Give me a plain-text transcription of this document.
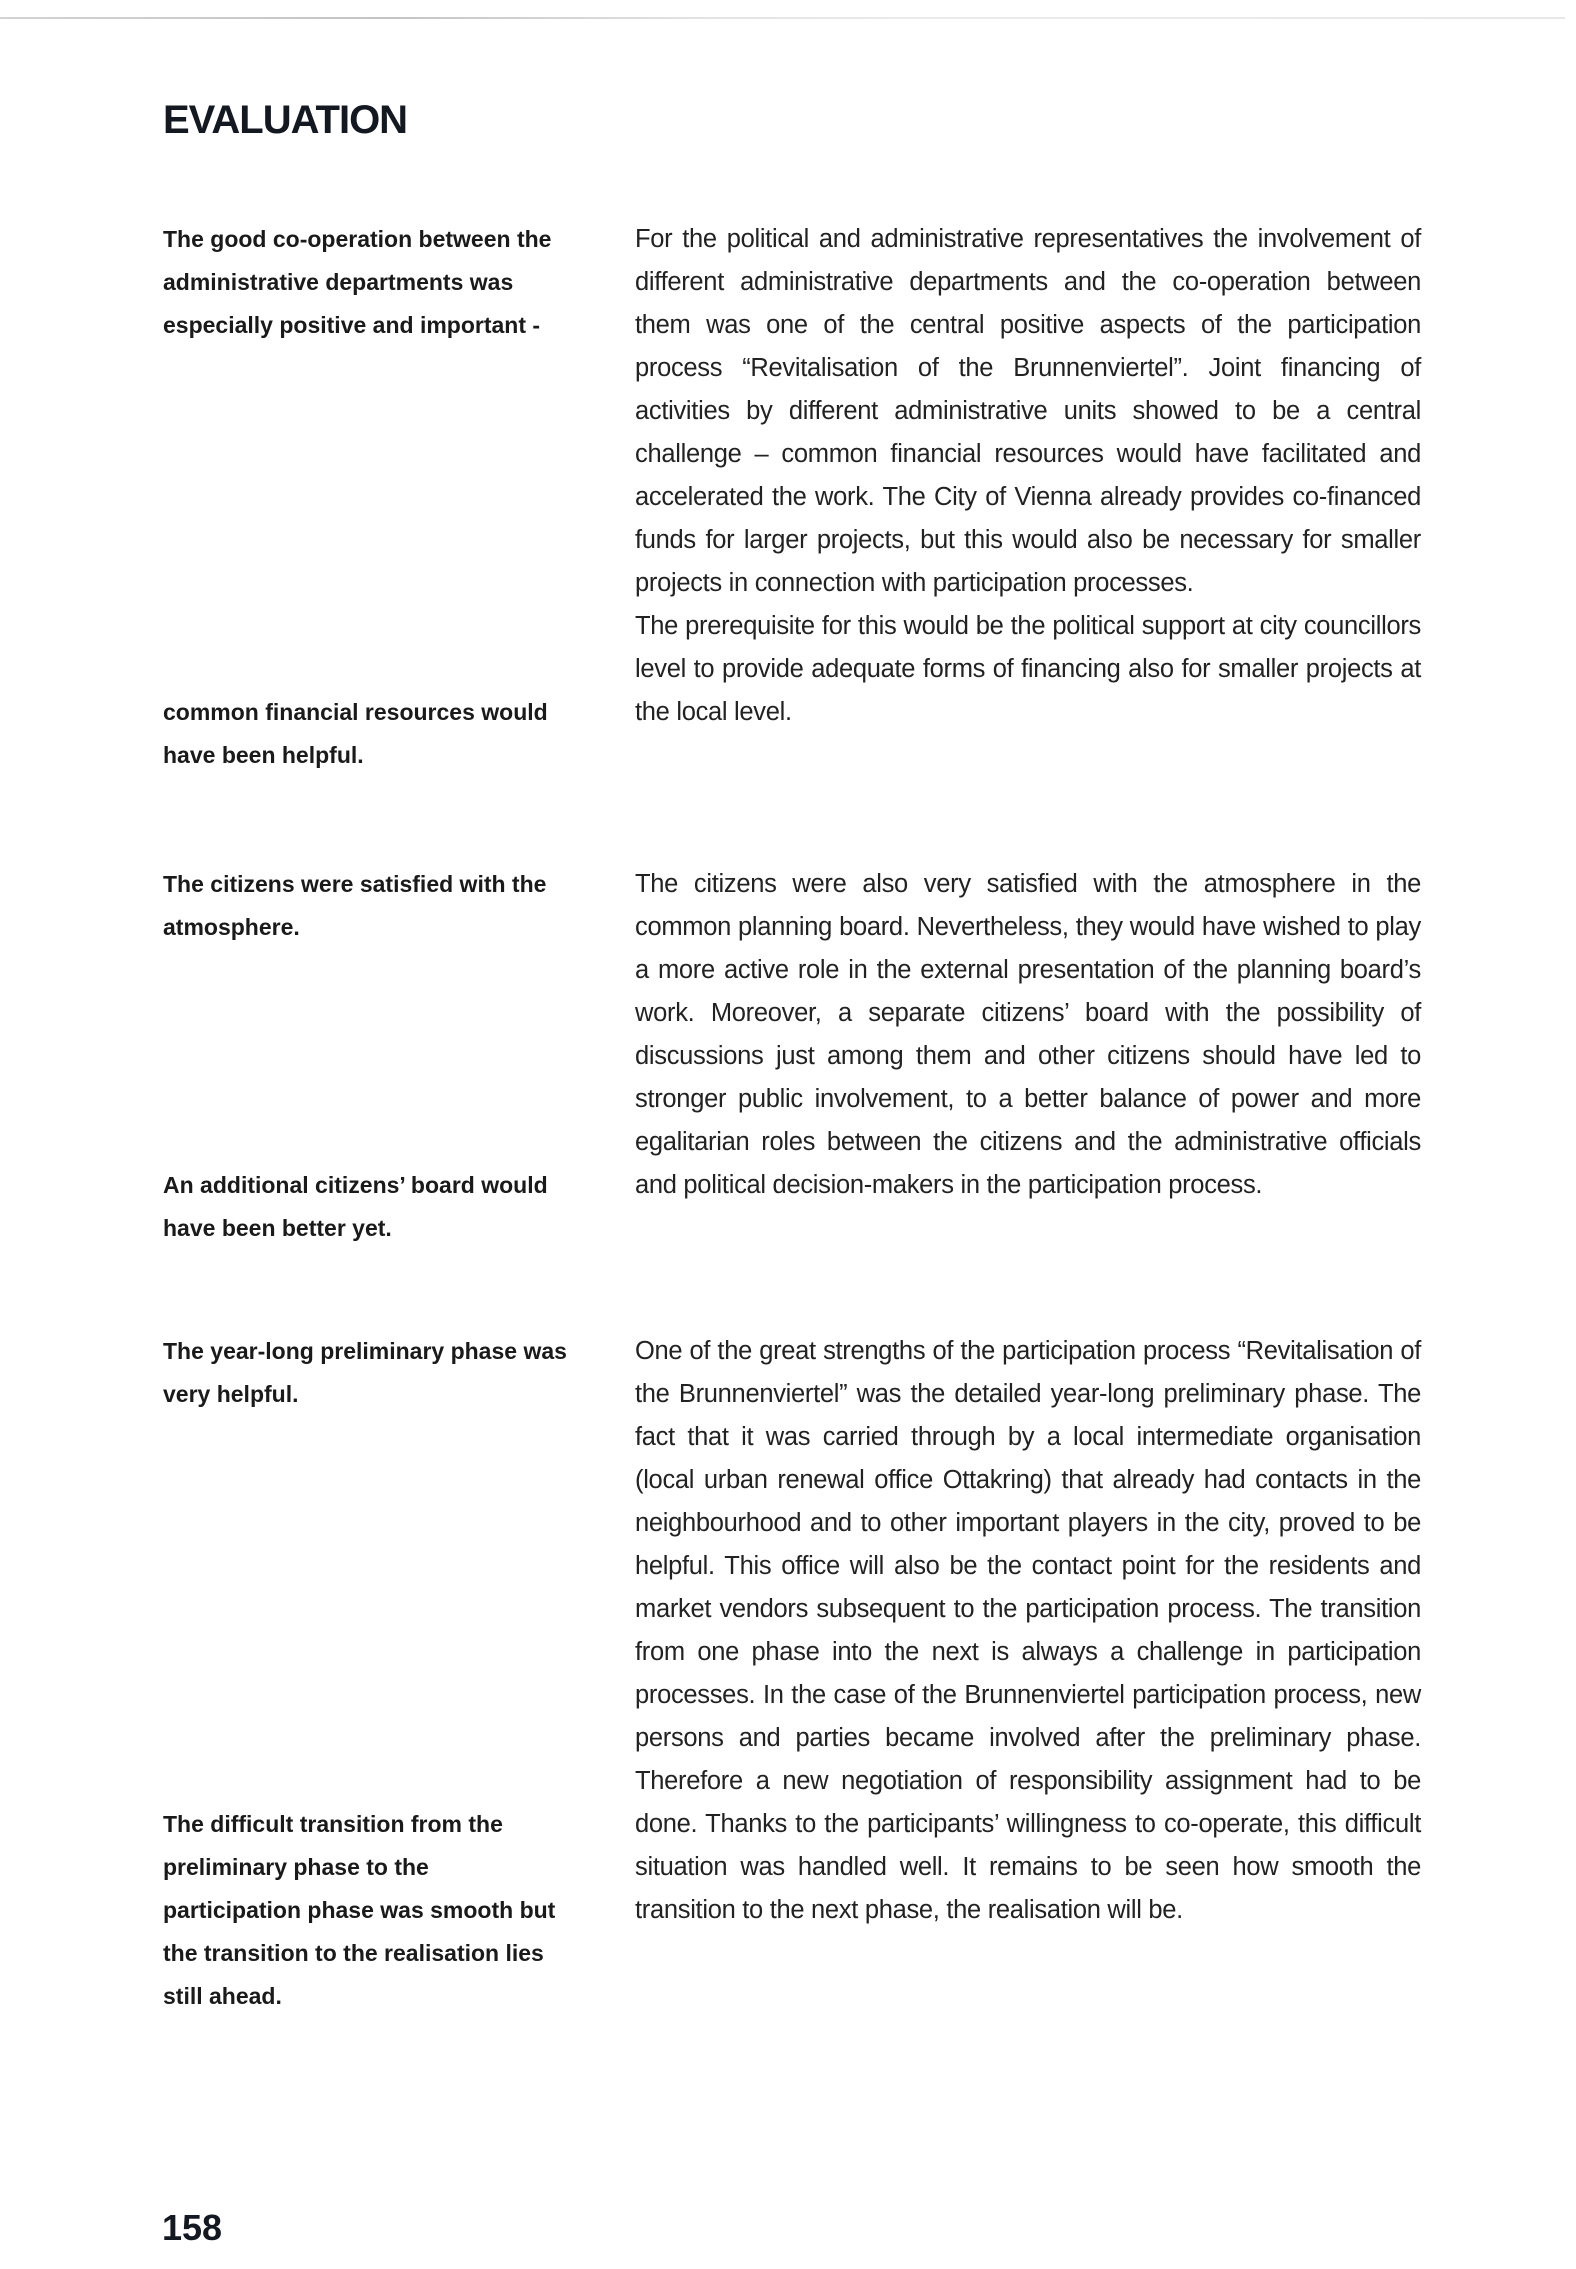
EVALUATION

The good co-operation between the administrative departments was especially positive and important -

common financial resources would have been helpful.

For the political and administrative representatives the involvement of different administrative departments and the co-operation between them was one of the central positive aspects of the participation process “Revitalisation of the Brunnenviertel”. Joint financing of activities by different administrative units showed to be a central challenge – common financial resources would have facilitated and accelerated the work. The City of Vienna already provides co-financed funds for larger projects, but this would also be necessary for smaller projects in connection with participation processes.

The prerequisite for this would be the political support at city councillors level to provide adequate forms of financing also for smaller projects at the local level.

The citizens were satisfied with the atmosphere.

An additional citizens’ board would have been better yet.

The citizens were also very satisfied with the atmosphere in the common planning board. Nevertheless, they would have wished to play a more active role in the external presentation of the planning board’s work. Moreover, a separate citizens’ board with the possibility of discussions just among them and other citizens should have led to stronger public involvement, to a better balance of power and more egalitarian roles between the citizens and the administrative officials and political decision-makers in the participation process.

The year-long preliminary phase was very helpful.

The difficult transition from the preliminary phase to the participation phase was smooth but the transition to the realisation lies still ahead.

One of the great strengths of the participation process “Revitalisation of the Brunnenviertel” was the detailed year-long preliminary phase. The fact that it was carried through by a local intermediate organisation (local urban renewal office Ottakring) that already had contacts in the neighbourhood and to other important players in the city, proved to be helpful. This office will also be the contact point for the residents and market vendors subsequent to the participation process. The transition from one phase into the next is always a challenge in participation processes. In the case of the Brunnenviertel participation process, new persons and parties became involved after the preliminary phase. Therefore a new negotiation of responsibility assignment had to be done. Thanks to the participants’ willingness to co-operate, this difficult situation was handled well. It remains to be seen how smooth the transition to the next phase, the realisation will be.

158
